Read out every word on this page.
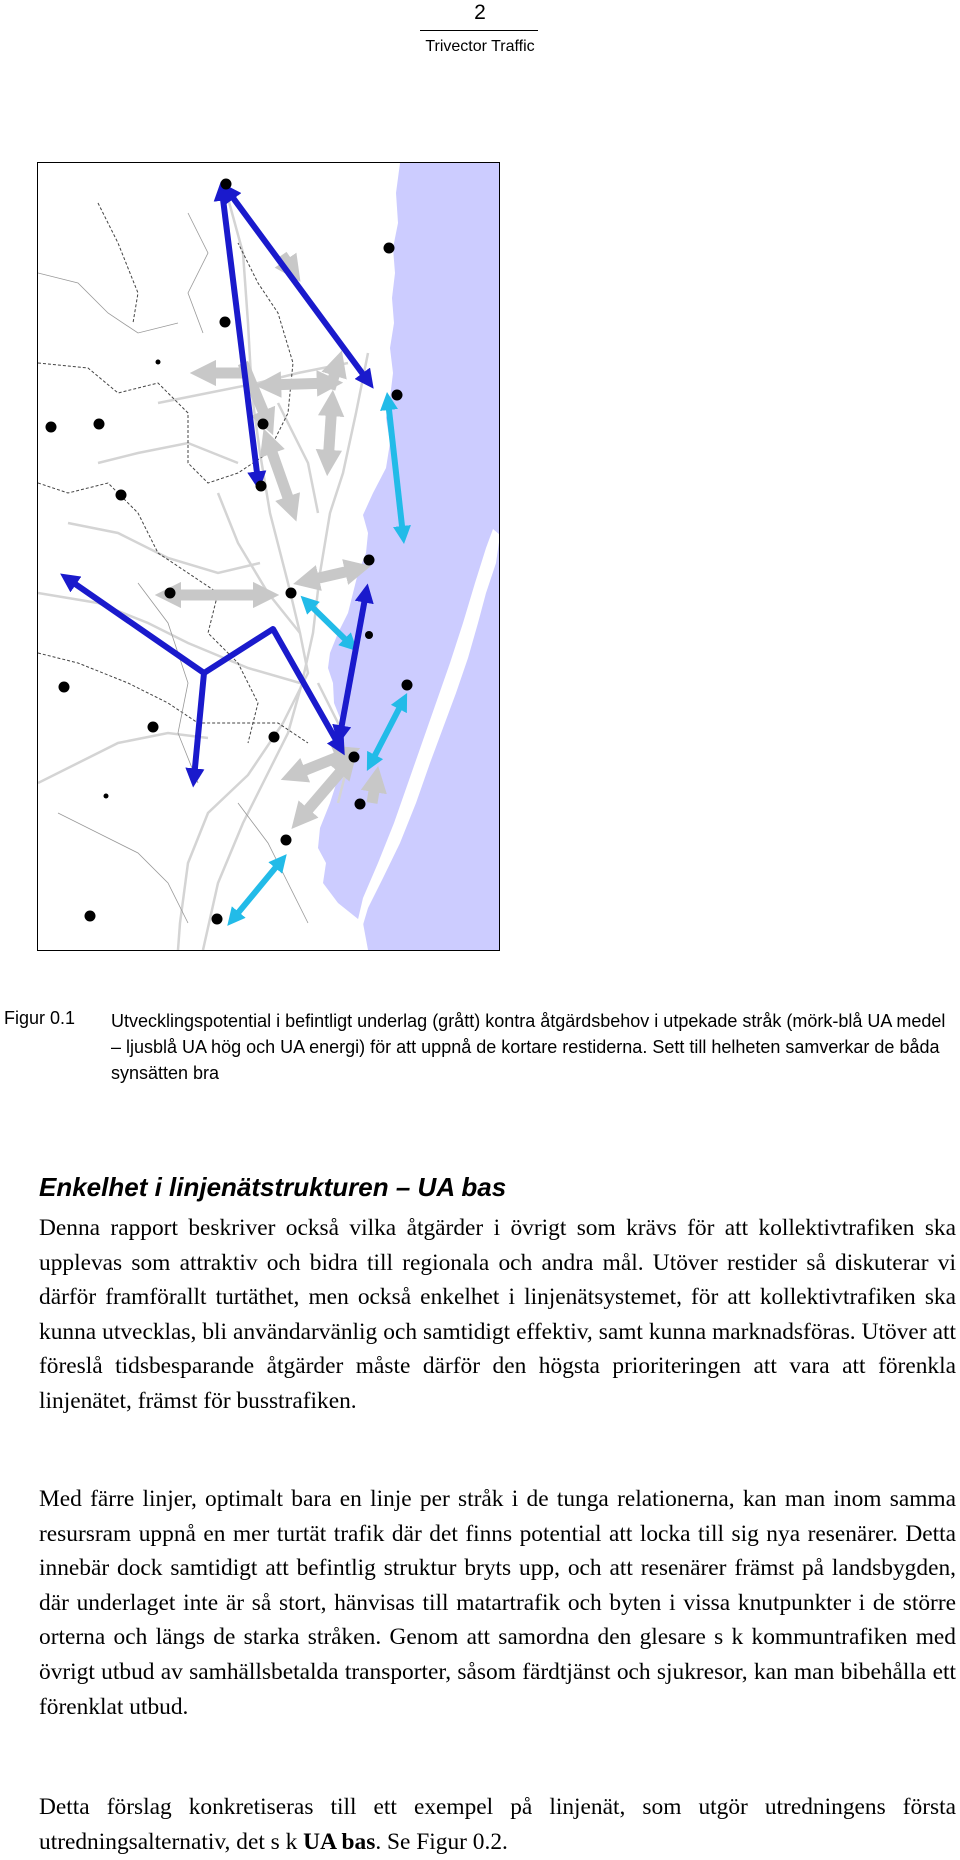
2
Trivector Traffic
Figur 0.1 Utvecklingspotential i befintligt underlag (grått) kontra åtgärdsbehov i utpekade stråk (mörk-blå UA medel – ljusblå UA hög och UA energi) för att uppnå de kortare restiderna. Sett till helheten samverkar de båda synsätten bra
Enkelhet i linjenätstrukturen – UA bas

Denna rapport beskriver också vilka åtgärder i övrigt som krävs för att kollektivtrafiken ska upplevas som attraktiv och bidra till regionala och andra mål. Utöver restider så diskuterar vi därför framförallt turtäthet, men också enkelhet i linjenätsystemet, för att kollektivtrafiken ska kunna utvecklas, bli användarvänlig och samtidigt effektiv, samt kunna marknadsföras. Utöver att föreslå tidsbesparande åtgärder måste därför den högsta prioriteringen att vara att förenkla linjenätet, främst för busstrafiken.

Med färre linjer, optimalt bara en linje per stråk i de tunga relationerna, kan man inom samma resursram uppnå en mer turtät trafik där det finns potential att locka till sig nya resenärer. Detta innebär dock samtidigt att befintlig struktur bryts upp, och att resenärer främst på landsbygden, där underlaget inte är så stort, hänvisas till matartrafik och byten i vissa knutpunkter i de större orterna och längs de starka stråken. Genom att samordna den glesare s k kommuntrafiken med övrigt utbud av samhällsbetalda transporter, såsom färdtjänst och sjukresor, kan man bibehålla ett förenklat utbud.

Detta förslag konkretiseras till ett exempel på linjenät, som utgör utredningens första utredningsalternativ, det s k UA bas. Se Figur 0.2.
